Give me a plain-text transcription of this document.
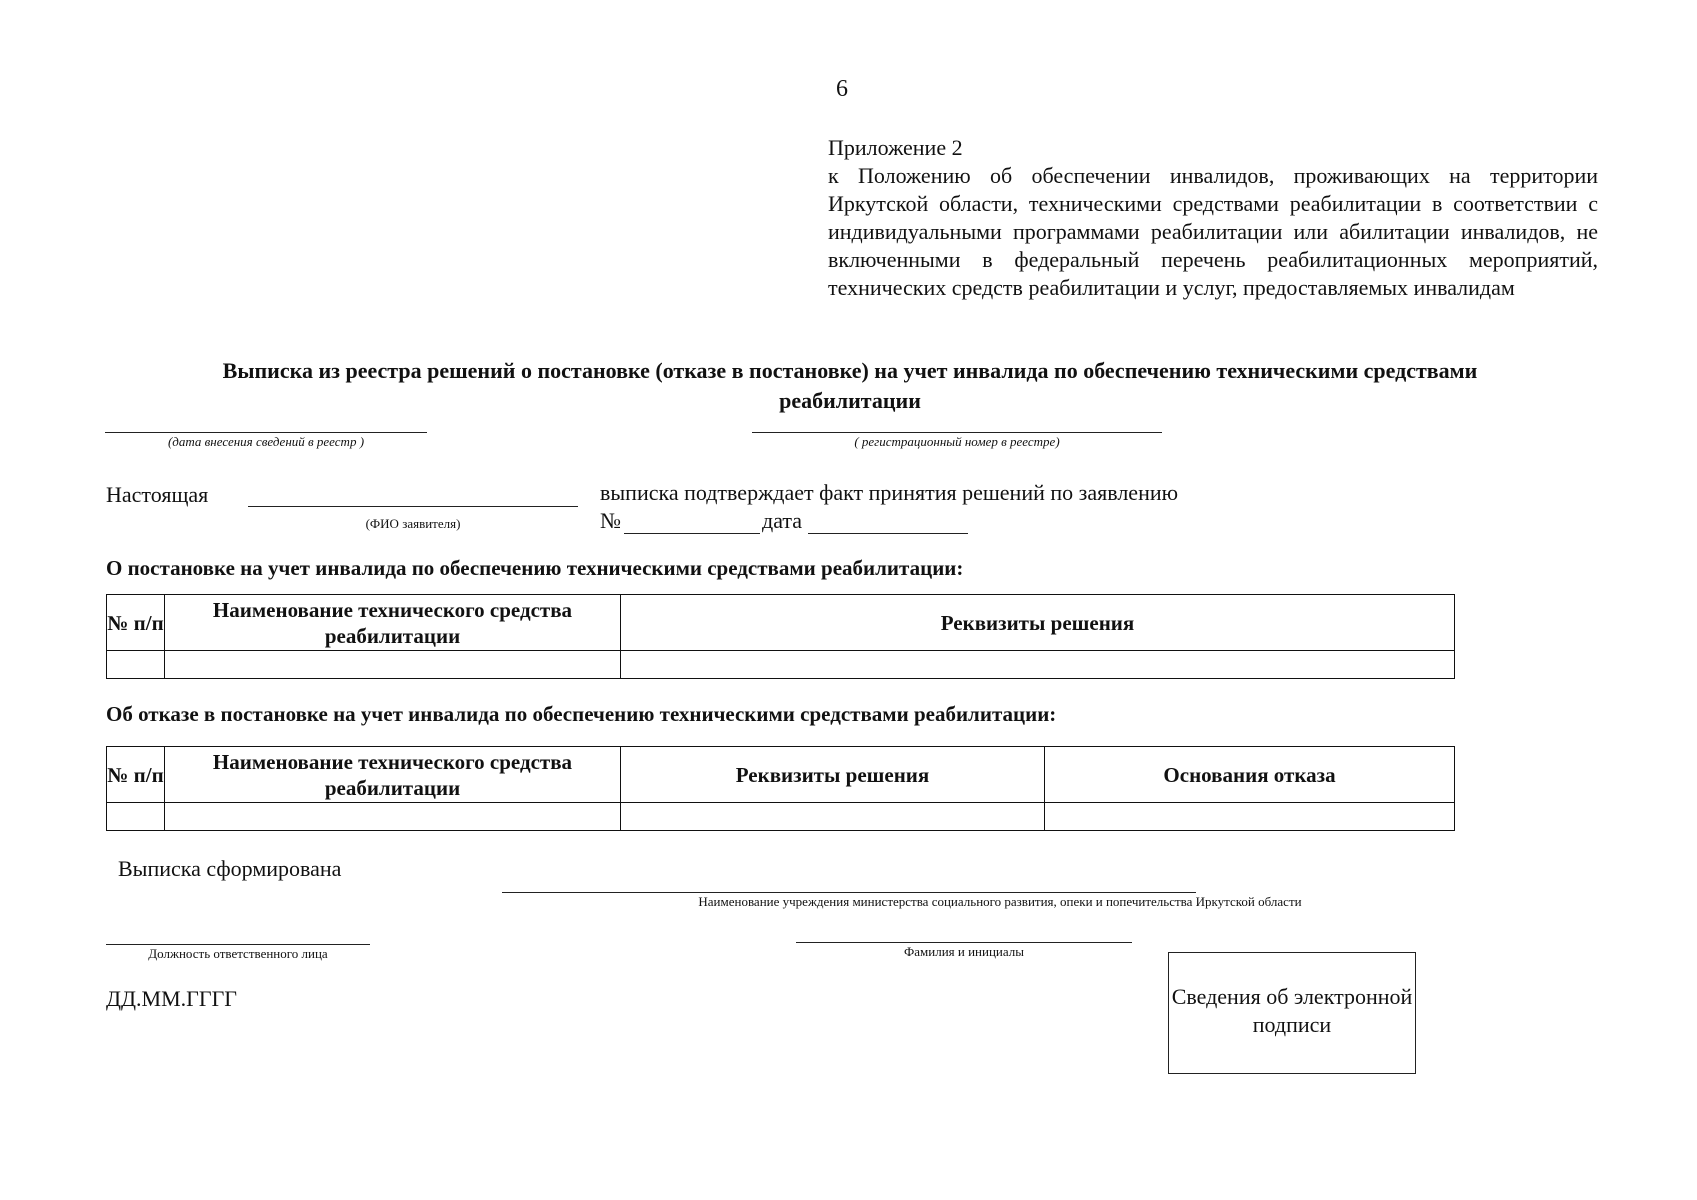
6
Приложение 2
к Положению об обеспечении инвалидов, проживающих на территории Иркутской области, техническими средствами реабилитации в соответствии с индивидуальными программами реабилитации или абилитации инвалидов, не включенными в федеральный перечень реабилитационных мероприятий, технических средств реабилитации и услуг, предоставляемых инвалидам
Выписка из реестра решений о постановке (отказе в постановке) на учет инвалида по обеспечению техническими средствами
реабилитации
(дата внесения сведений в реестр )	( регистрационный номер в реестре)
Настоящая
(ФИО заявителя)
выписка подтверждает факт принятия решений по заявлению
№	дата
О постановке на учет инвалида по обеспечению техническими средствами реабилитации:
№ п/п	Наименование технического средства реабилитации	Реквизиты решения

Об отказе в постановке на учет инвалида по обеспечению техническими средствами реабилитации:
№ п/п	Наименование технического средства реабилитации	Реквизиты решения	Основания отказа

Выписка сформирована
Наименование учреждения министерства социального развития, опеки и попечительства Иркутской области
Должность ответственного лица	Фамилия и инициалы
ДД.ММ.ГГГГ	Сведения об электронной подписи
